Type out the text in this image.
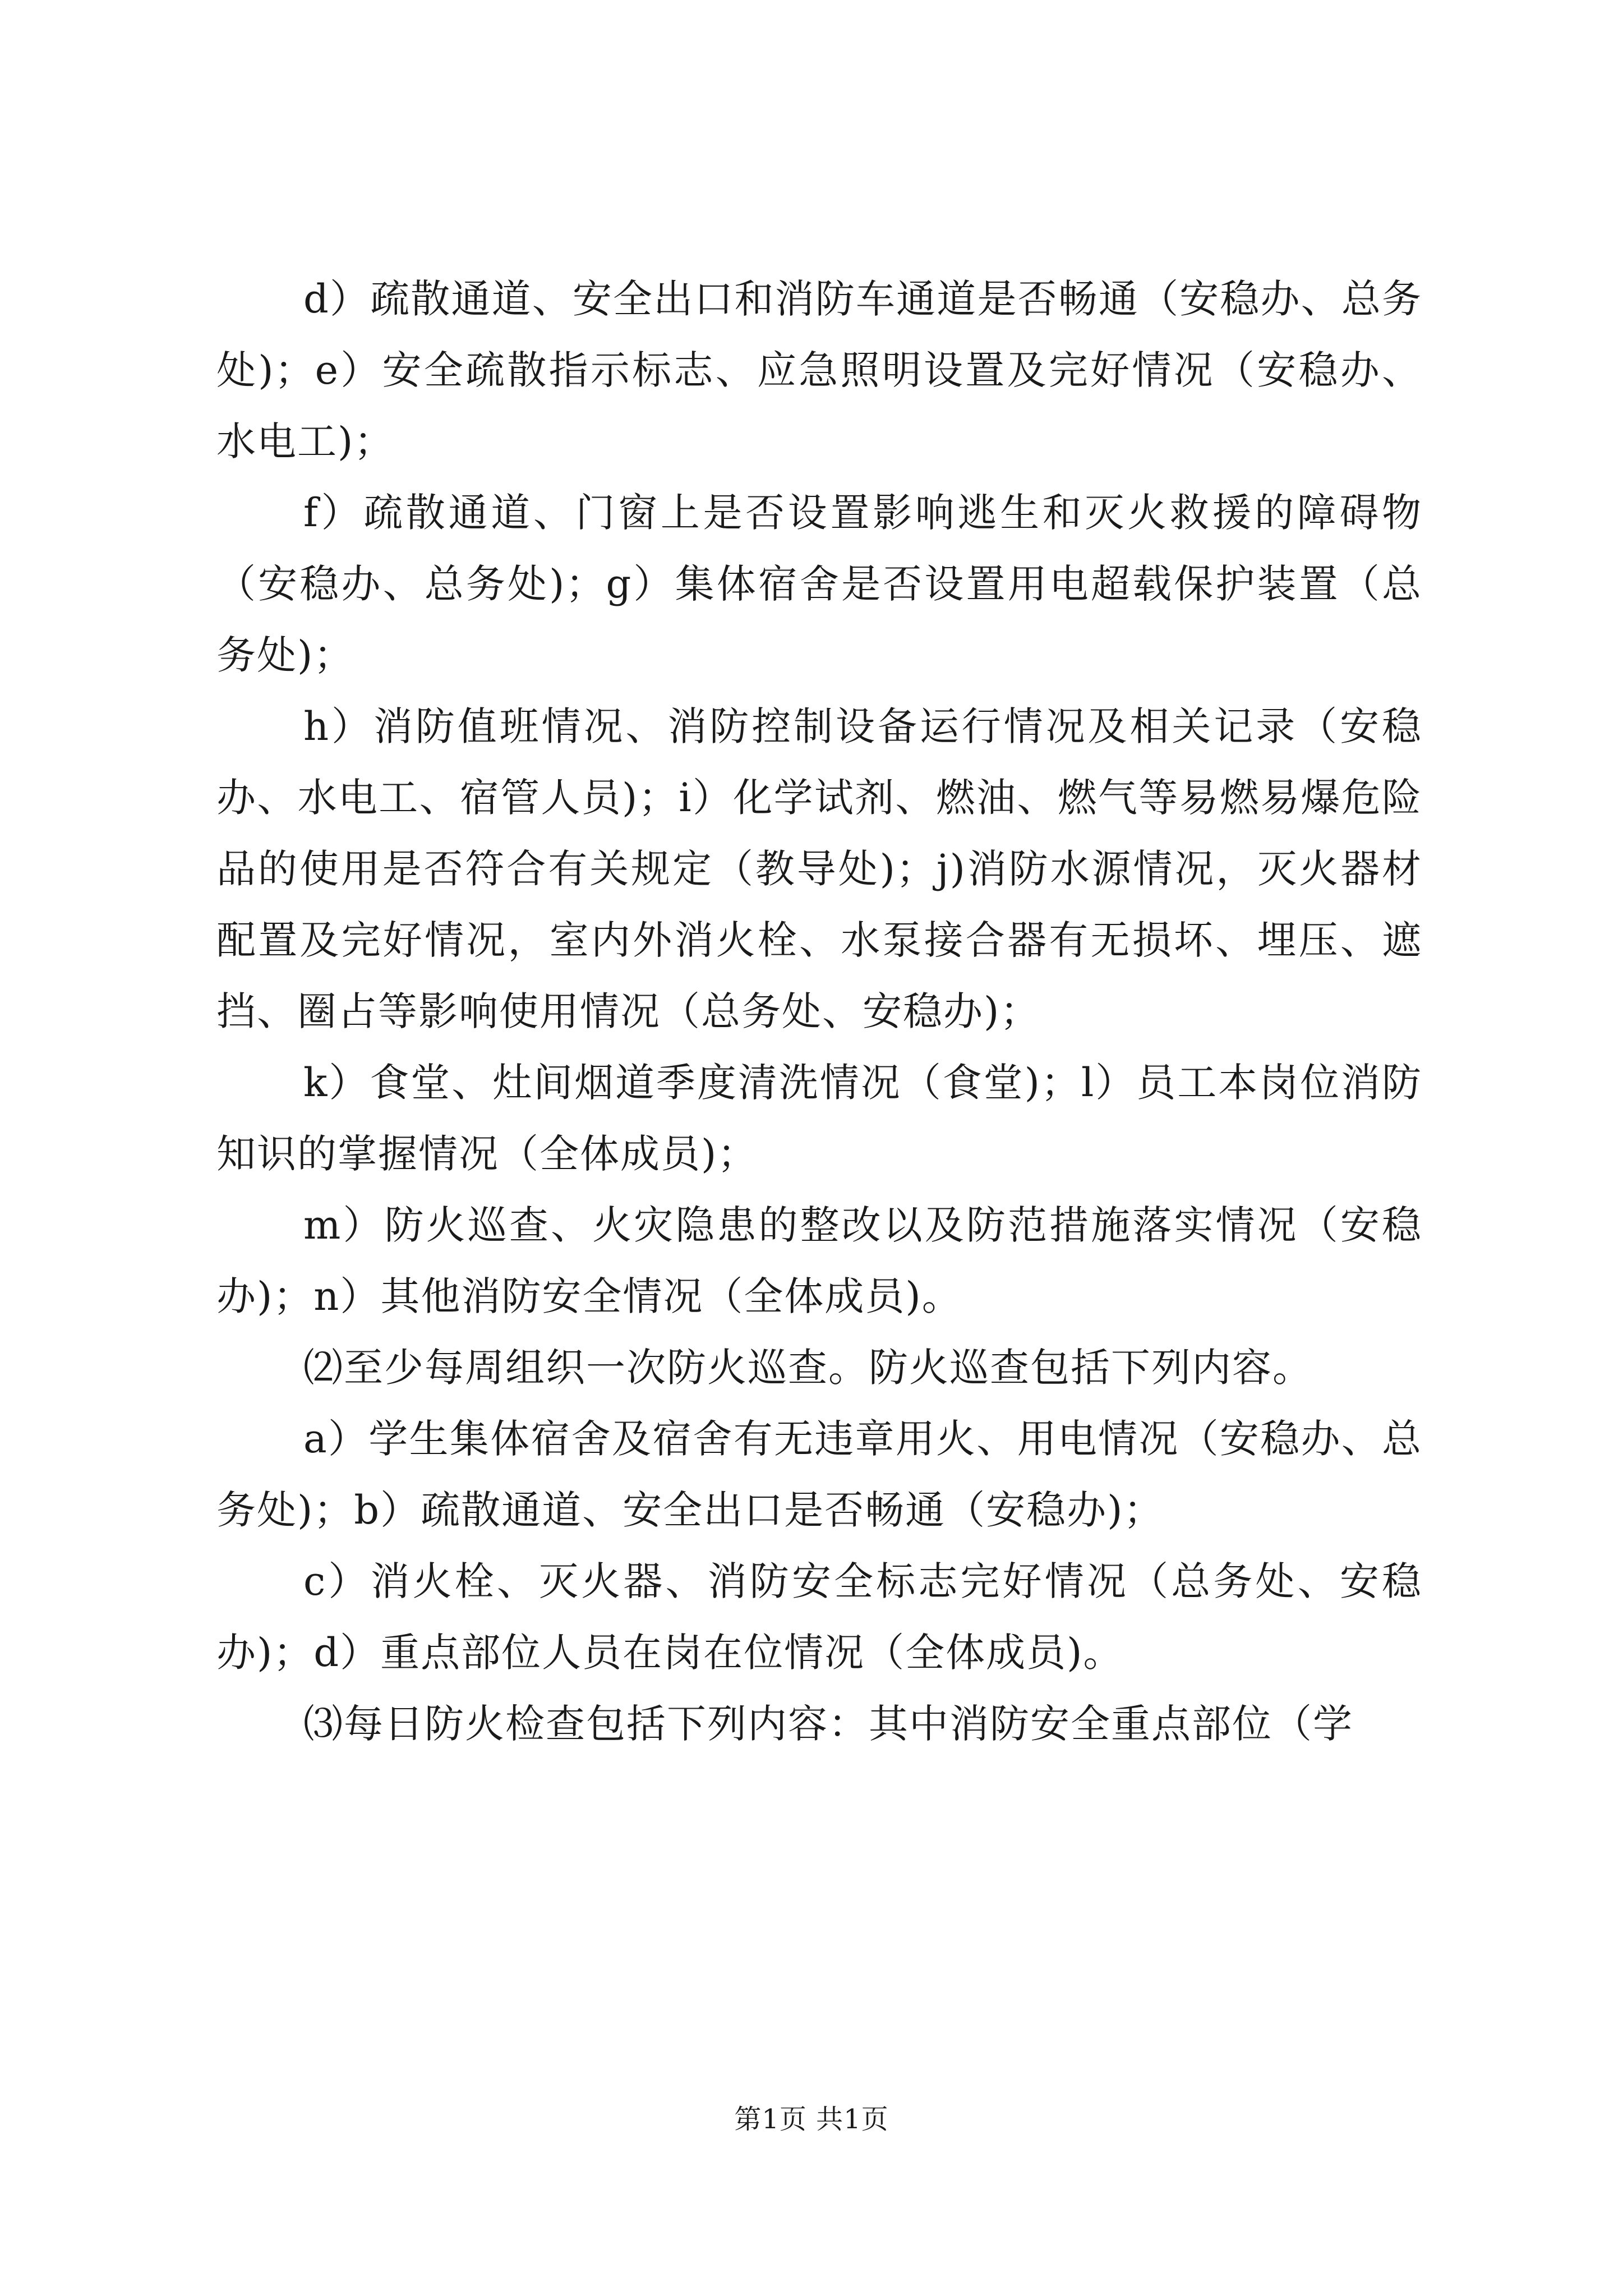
d）疏散通道、安全出口和消防车通道是否畅通（安稳办、总务处)；e）安全疏散指示标志、应急照明设置及完好情况（安稳办、水电工)；

f）疏散通道、门窗上是否设置影响逃生和灭火救援的障碍物（安稳办、总务处)；g）集体宿舍是否设置用电超载保护装置（总务处)；

h）消防值班情况、消防控制设备运行情况及相关记录（安稳办、水电工、宿管人员)；i）化学试剂、燃油、燃气等易燃易爆危险品的使用是否符合有关规定（教导处)；j)消防水源情况，灭火器材配置及完好情况，室内外消火栓、水泵接合器有无损坏、埋压、遮挡、圈占等影响使用情况（总务处、安稳办)；

k）食堂、灶间烟道季度清洗情况（食堂)；l）员工本岗位消防知识的掌握情况（全体成员)；

m）防火巡查、火灾隐患的整改以及防范措施落实情况（安稳办)；n）其他消防安全情况（全体成员)。

⑵至少每周组织一次防火巡查。防火巡查包括下列内容。

a）学生集体宿舍及宿舍有无违章用火、用电情况（安稳办、总务处)；b）疏散通道、安全出口是否畅通（安稳办)；

c）消火栓、灭火器、消防安全标志完好情况（总务处、安稳办)；d）重点部位人员在岗在位情况（全体成员)。

⑶每日防火检查包括下列内容：其中消防安全重点部位（学

第1页 共1页
